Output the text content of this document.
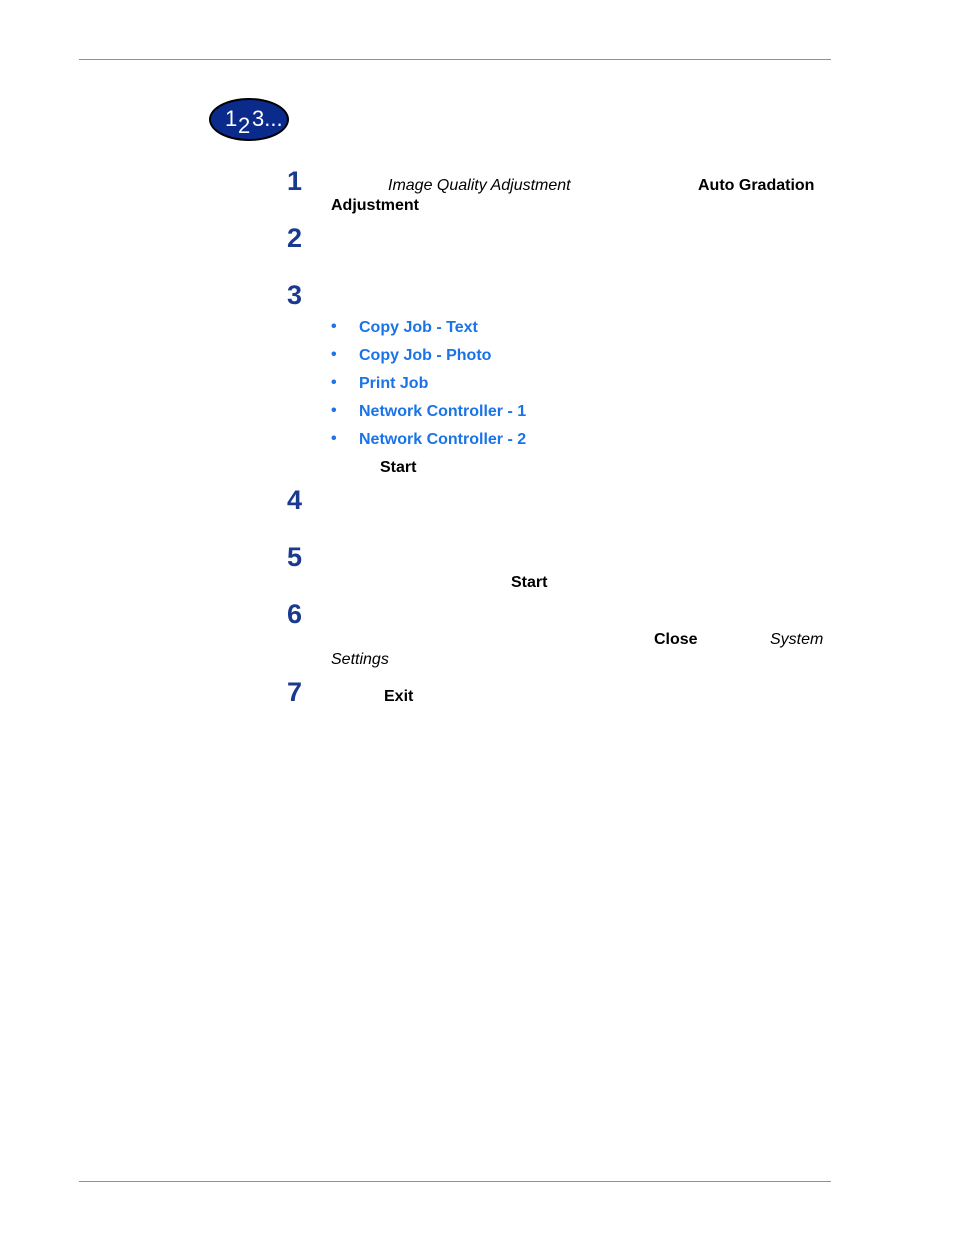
1 2 3...
1	Image Quality Adjustment	Auto Gradation
Adjustment
2
3
• Copy Job - Text
• Copy Job - Photo
• Print Job
• Network Controller - 1
• Network Controller - 2
Start
4
5
Start
6
Close	System
Settings
7	Exit
